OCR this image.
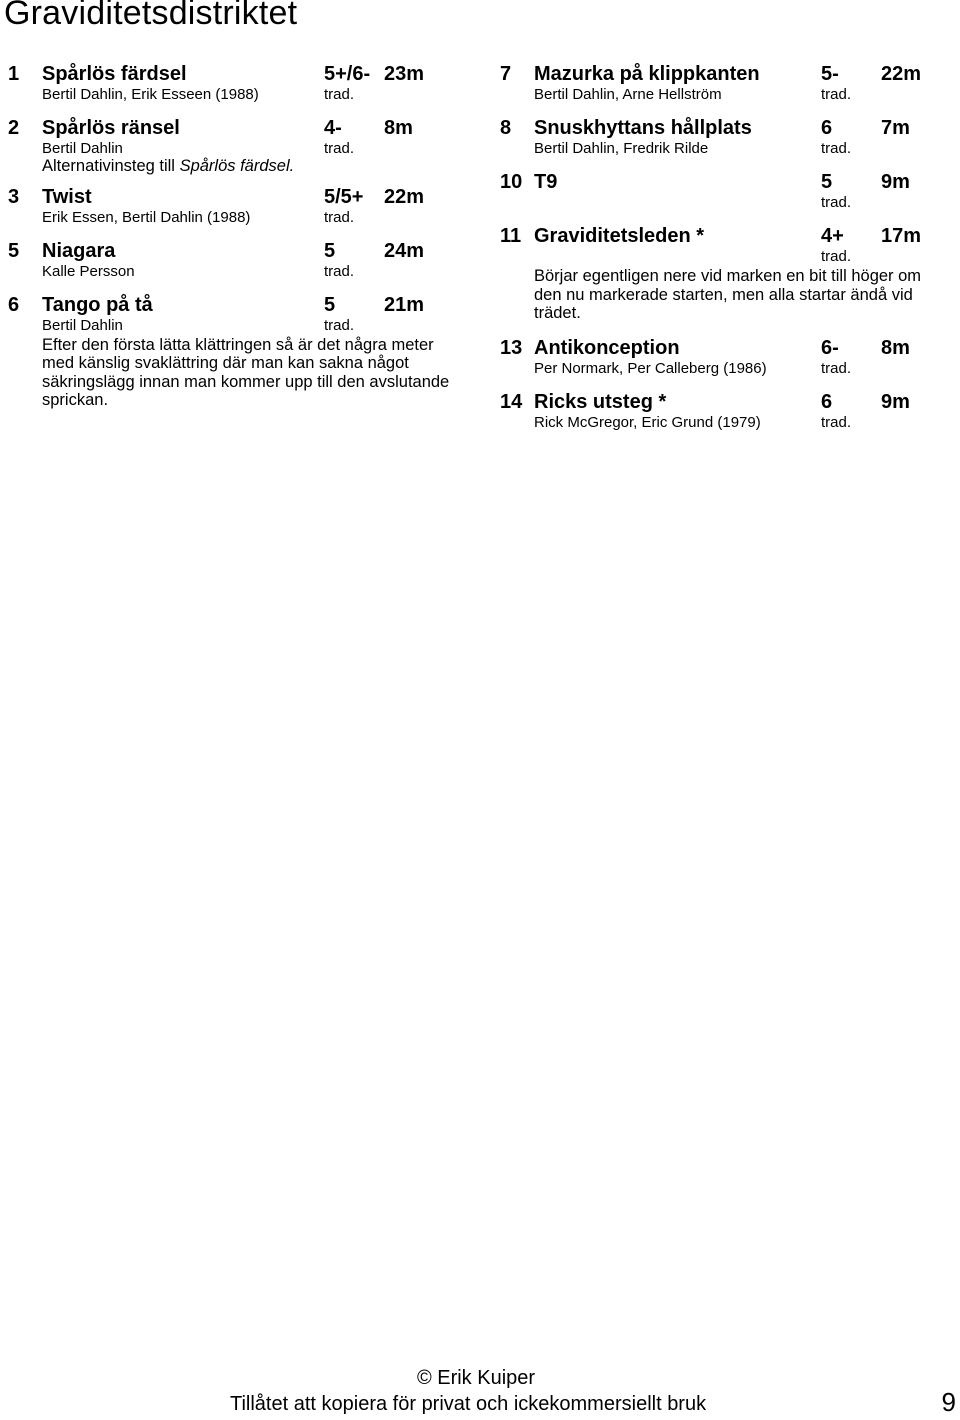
Graviditetsdistriktet
1 Spårlös färdsel	5+/6- 23m
Bertil Dahlin, Erik Esseen (1988)	trad.
2 Spårlös ränsel	4- 8m
Bertil Dahlin	trad.

Alternativinsteg till Spårlös färdsel.

3 Twist	5/5+ 22m
Erik Essen, Bertil Dahlin (1988)	trad.
5 Niagara	5 24m
Kalle Persson	trad.
6 Tango på tå	5 21m
Bertil Dahlin	trad.

Efter den första lätta klättringen så är det några meter med känslig svaklättring där man kan sakna något säkringslägg innan man kommer upp till den avslutande sprickan.

7 Mazurka på klippkanten	5- 22m
Bertil Dahlin, Arne Hellström	trad.
8 Snuskhyttans hållplats	6 7m
Bertil Dahlin, Fredrik Rilde	trad.
10 T9	5 9m
trad.
11 Graviditetsleden *	4+ 17m
trad.

Börjar egentligen nere vid marken en bit till höger om den nu markerade starten, men alla startar ändå vid trädet.

13 Antikonception	6- 8m
Per Normark, Per Calleberg (1986)	trad.
14 Ricks utsteg *	6 9m
Rick McGregor, Eric Grund (1979)	trad.
© Erik Kuiper
Tillåtet att kopiera för privat och ickekommersiellt bruk	9
